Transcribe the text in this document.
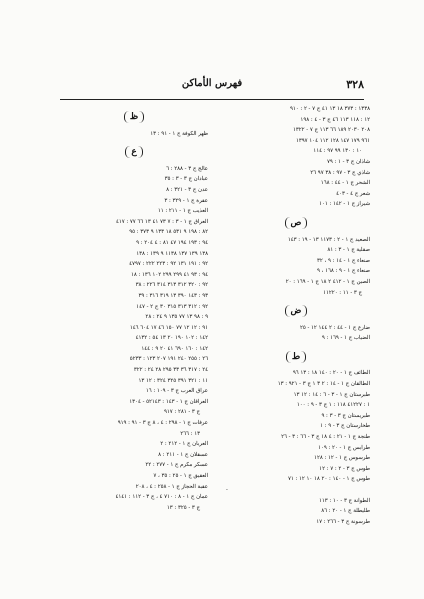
٣٢٨
فهرس الأماكن
١٣٣٨ : ٣٧٣ ١٨ ١٣ ٤١ ج ٧ - ٢ : ٩١٠
١٢ : ١١٨ ١١٣ ٤٦ ج ٣ - ٤ : ١٩٨
٢٠٨ ٢٠٣٠ ١٨٩ ٦٦ ١١٣ ج ٧ - ١٣٢٢
٩٦١ ١٧٩ ١٤٧ ١٢٨ ١١٢ ١٠٤ ١٣٩٧
١٠ : ١٣٠ ٩٩ ٩٧ : ١١٤
شاذان ج ٣ - ١ : ٧٩
شاذي ج ٣ - ٩٧ : ٣٨ ٩٧ ٢٦
الشحر ج ١ - ٤٤ : ١٦٨
شعر ج ٤ - ٤٠٣
شيراز ج ١ - ١٤٢ : ١٠١
ص
الصعيد ج ١ - ٢ : ١١٧٣ ١٣ - ١٩ : ١٤٣
صقلية ج ١ - ٣ : ٨١
صنعاء ج ١ - ١٤ : ٩ ، ٣٢
صنعاء ج ١ - ٩ : ١٦٨ ، ٩
الصين ج ١ - ٤١٢ ٢ ١٨ ج ١ - ١٦٩ : ٢٠
ج ٣ - ١١ : ١١٢٢٠
ض
ضارع ج ١ - ٤٤ : ٢ ١٤٤ ١٢ - ٢٥
الضياب ج ١ - ١٦٩ : ٩
ط
الطائف ج ١ - ٢٠ : ١٤٠ ١٨ : ١٣ ٩٦
الطالقان ج ١ - ١٤ : ٢ ٣ ١ ج ٣ - ٩٢١ : ١٣
طبرستان ج ١ - ٣ - ٦ : ١٤ : ١٢ ١٣
١ : ٤١٢٢٧ ١١٨ : ١ ج ٣ - ٩ : ١٠٠
طبريستان ج ٣ - ٣ : ٩
طخارستان ج ٣ - ٩ : ١
طنجة ج ١ - ٢١ : ٤ ١٨ ج ٣ - ٦٦ : ٣ - ٢٦
طرابس ج ١ - ٢٠ : ١٠٩
طرسوس ج ١ - ١٢ : ١٢٨
طوس ج ٣ - ٢ : ٧ : ١٢
طوس ج ١ - ١٤٠ : ٢٠ ١٨ ١٠ ١٢ : ٧١
-
الطوانة ج ٣ - ١٠ : ١١٣
طليطلة ج ١ - ٢٠ : ٨٦
طرسونة ج ٣ - ٢٦٦ : ١٧
ظ
ظهر الكوفة ج ١ - ٩١ : ١٣
ع
عالج ج ٣ - ٢٨٨ : ٦
عبادان ج ٣ - ٣ : ٣٥
عدن ج ٣ - ٣٢١ : ٨
عقرة ج ١ - ٣٢٩ : ٣
العذيب ج ١ - ٢١١ : ١١
العراق ج ١ - ٣ : ٧ ٧٣ ٤١ ١٣ ٦٦ ٧٧ : ٤١٧
٨٢ : ١٩٨ ٩ ٥٣١ ١٨ ١٣٣ ٩ ٣٧٣ : ٩٥
٩٤ : ١٩٣ ١٩٤ ٤٧ ٨١ : ٤ ٢٠٤ : ٩
١٣٨ ١٣٩ ١٣٧ ١١٣٨ ٩ ١٣٩ : ١٣٨
٩٢ : ١٩١ ١٣١ ٩٢ : ٢٢٣ ٢٢٢ : ٤٧٩٧
٩٤ : ٩٣ ٤١ ٢٩٩ ٢٩٩ ١٠٢ ١٣٦ : ١٨
٩٢ : ٣٢٠ ٣١٢ ٣١٣ ٣١٤ ٢٢٦ : ٣٨
٩٣ : ١٤٣ ٣٩٠ ١٣ ٣١٩ ٣١٦ : ٣٩
٩٢ : ٣١٢ ٣١٣ ٣١٥ ٣٠ ج ٢ - ١٤٧
٩ : ٩٨ ١٣ ٧٧ ١٣٥ ٩ ٢٤ : ٢٨
٩١ : ١٢ ١٢ ٧٧ ١٥٠ ٤٦ ١٧ ٦٠٤ ١٤٦
١٤٢ : ١٠٢ ١٩٠ ٢٠ ١٣ ٥٤ : ٤١٣٢
١٤٢ : ١٦٠ ٦٩٠ ٤١ ٢٠ ٩ : ١٤٤
٢٦ : ٢٥٥ ٢٤٠ ١٩١ ٢٠٧ ١٢٣ : ٥٢٣٣
٢٤ : ٣١٧ ٣٦ ٣٣ ٢٩٥ ٢٨ ٢٤ : ٣٢٢
١١ : ٣٢١ ٣٩١ ٣٢٥ ٣٢٤ : ١٢ ١٣
عراق العرب ج ٣ - ١٠٩ : ١٦
العراقان ج ١ - ١٤٣ : ٥٢١٤٣ - ١٣٠٤
ج ٣ - ٢٨١ : ٩١٧
عرفات ج ١ - ٢٩٨ : ٤ ، ٨ ج ٣ - ٩١ : ٩١٩
١٣ : ٢٦٦
العربان ج ١ - ٢١٢ : ٢
عسقلان ج ١ - ٢١١ : ٨
عسكر مكرم ج ١ - ٢٧٧ : ٢٢
العقيق ج ١ - ٢٥ : ٣٥ ، ٧
عقبة الحجاز ج ١ - ٢٥٨ : ٤ ، ٢٠٨
عمان ج ١ - ٨ : ٧١٠ ٤ ، ج ٣ - ١١٢ : ٤١٤١
ج ٣ - ٣٢٥ : ١٣
